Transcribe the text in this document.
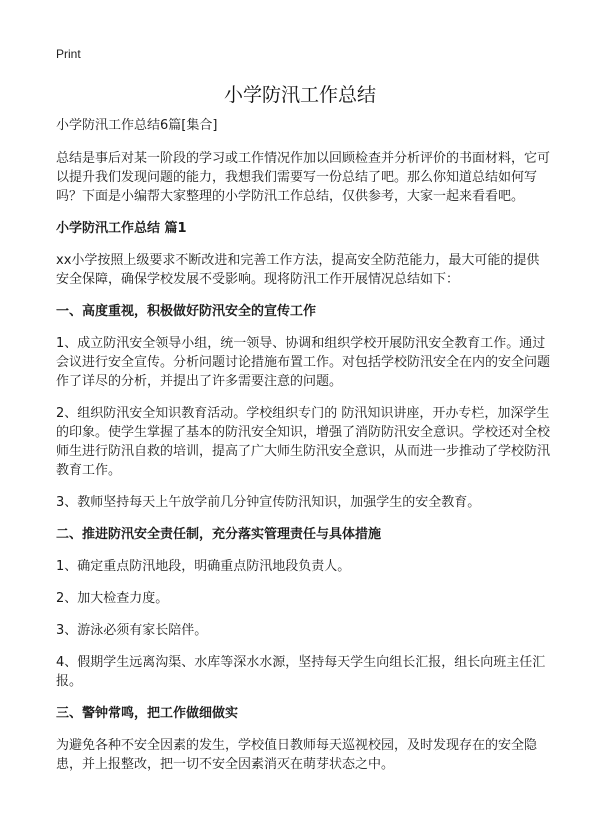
Print
小学防汛工作总结

小学防汛工作总结6篇[集合]

总结是事后对某一阶段的学习或工作情况作加以回顾检查并分析评价的书面材料，它可以提升我们发现问题的能力，我想我们需要写一份总结了吧。那么你知道总结如何写吗？下面是小编帮大家整理的小学防汛工作总结，仅供参考，大家一起来看看吧。

小学防汛工作总结 篇1

xx小学按照上级要求不断改进和完善工作方法，提高安全防范能力，最大可能的提供安全保障，确保学校发展不受影响。现将防汛工作开展情况总结如下：

一、高度重视，积极做好防汛安全的宣传工作

1、成立防汛安全领导小组，统一领导、协调和组织学校开展防汛安全教育工作。通过会议进行安全宣传。分析问题讨论措施布置工作。对包括学校防汛安全在内的安全问题作了详尽的分析，并提出了许多需要注意的问题。

2、组织防汛安全知识教育活动。学校组织专门的 防汛知识讲座，开办专栏，加深学生的印象。使学生掌握了基本的防汛安全知识，增强了消防防汛安全意识。学校还对全校师生进行防汛自救的培训，提高了广大师生防汛安全意识，从而进一步推动了学校防汛教育工作。

3、教师坚持每天上午放学前几分钟宣传防汛知识，加强学生的安全教育。

二、推进防汛安全责任制，充分落实管理责任与具体措施

1、确定重点防汛地段，明确重点防汛地段负责人。

2、加大检查力度。

3、游泳必须有家长陪伴。

4、假期学生远离沟渠、水库等深水水源，坚持每天学生向组长汇报，组长向班主任汇报。

三、警钟常鸣，把工作做细做实

为避免各种不安全因素的发生，学校值日教师每天巡视校园，及时发现存在的安全隐患，并上报整改，把一切不安全因素消灭在萌芽状态之中。
